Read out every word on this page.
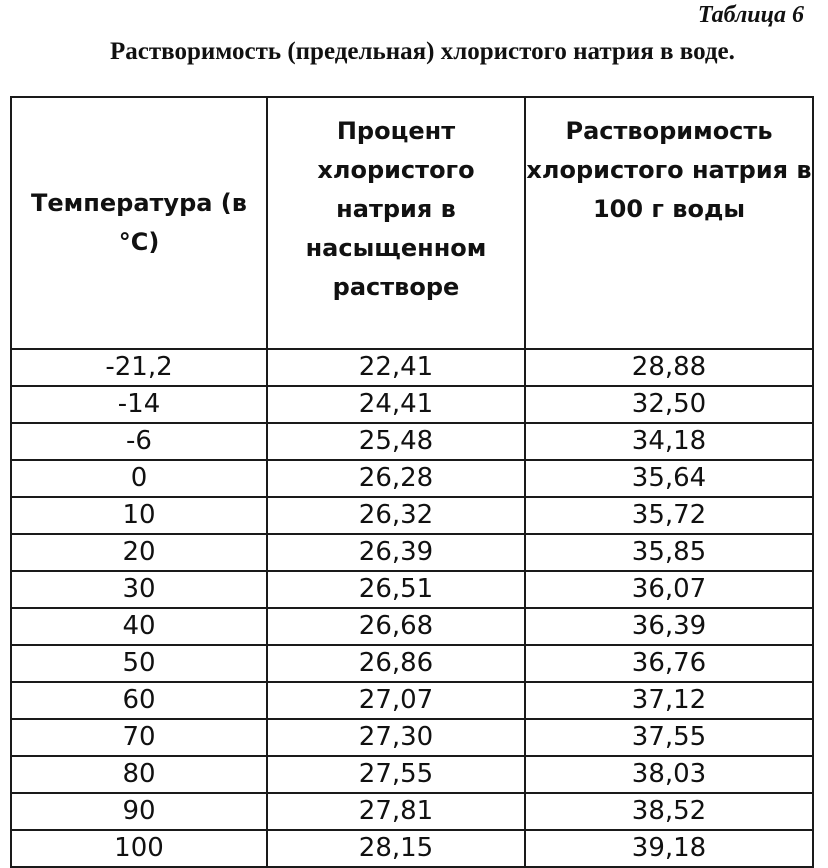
Таблица 6
Растворимость (предельная) хлористого натрия в воде.
Температура (в °С)	Процент хлористого натрия в насыщенном растворе	Растворимость хлористого натрия в 100 г воды
-21,2	22,41	28,88
-14	24,41	32,50
-6	25,48	34,18
0	26,28	35,64
10	26,32	35,72
20	26,39	35,85
30	26,51	36,07
40	26,68	36,39
50	26,86	36,76
60	27,07	37,12
70	27,30	37,55
80	27,55	38,03
90	27,81	38,52
100	28,15	39,18
